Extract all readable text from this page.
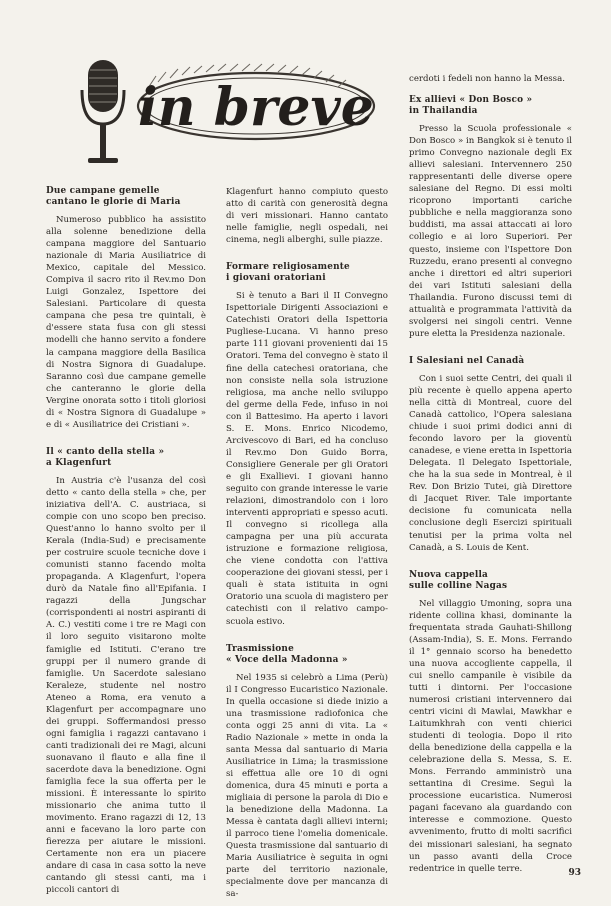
in breve
Due campane gemelle
cantano le glorie di Maria

Numeroso pubblico ha assistito alla solenne benedizione della campana maggiore del Santuario nazionale di Maria Ausiliatrice di Mexico, capitale del Messico. Compiva il sacro rito il Rev.mo Don Luigi Gonzalez, Ispettore dei Salesiani. Particolare di questa campana che pesa tre quintali, è d'essere stata fusa con gli stessi modelli che hanno servito a fondere la campana maggiore della Basilica di Nostra Signora di Guadalupe. Saranno così due campane gemelle che canteranno le glorie della Vergine onorata sotto i titoli gloriosi di « Nostra Signora di Guadalupe » e di « Ausiliatrice dei Cristiani ».

Il « canto della stella »
a Klagenfurt

In Austria c'è l'usanza del così detto « canto della stella » che, per iniziativa dell'A. C. austriaca, si compie con uno scopo ben preciso. Quest'anno lo hanno svolto per il Kerala (India-Sud) e precisamente per costruire scuole tecniche dove i comunisti stanno facendo molta propaganda. A Klagenfurt, l'opera durò da Natale fino all'Epifania. I ragazzi della Jungschar (corrispondenti ai nostri aspiranti di A. C.) vestiti come i tre re Magi con il loro seguito visitarono molte famiglie ed Istituti. C'erano tre gruppi per il numero grande di famiglie. Un Sacerdote salesiano Keraleze, studente nel nostro Ateneo a Roma, era venuto a Klagenfurt per accompagnare uno dei gruppi. Soffermandosi presso ogni famiglia i ragazzi cantavano i canti tradizionali dei re Magi, alcuni suonavano il flauto e alla fine il sacerdote dava la benedizione. Ogni famiglia fece la sua offerta per le missioni. È interessante lo spirito missionario che anima tutto il movimento. Erano ragazzi di 12, 13 anni e facevano la loro parte con fierezza per aiutare le missioni. Certamente non era un piacere andare di casa in casa sotto la neve cantando gli stessi canti, ma i piccoli cantori di

Klagenfurt hanno compiuto questo atto di carità con generosità degna di veri missionari. Hanno cantato nelle famiglie, negli ospedali, nei cinema, negli alberghi, sulle piazze.

Formare religiosamente
i giovani oratoriani

Si è tenuto a Bari il II Convegno Ispettoriale Dirigenti Associazioni e Catechisti Oratori della Ispettoria Pugliese-Lucana. Vi hanno preso parte 111 giovani provenienti dai 15 Oratori. Tema del convegno è stato il fine della catechesi oratoriana, che non consiste nella sola istruzione religiosa, ma anche nello sviluppo del germe della Fede, infuso in noi con il Battesimo. Ha aperto i lavori S. E. Mons. Enrico Nicodemo, Arcivescovo di Bari, ed ha concluso il Rev.mo Don Guido Borra, Consigliere Generale per gli Oratori e gli Exallievi. I giovani hanno seguito con grande interesse le varie relazioni, dimostrandolo con i loro interventi appropriati e spesso acuti. Il convegno si ricollega alla campagna per una più accurata istruzione e formazione religiosa, che viene condotta con l'attiva cooperazione dei giovani stessi, per i quali è stata istituita in ogni Oratorio una scuola di magistero per catechisti con il relativo campo-scuola estivo.

Trasmissione
« Voce della Madonna »

Nel 1935 si celebrò a Lima (Perù) il I Congresso Eucaristico Nazionale. In quella occasione si diede inizio a una trasmissione radiofonica che conta oggi 25 anni di vita. La « Radio Nazionale » mette in onda la santa Messa dal santuario di Maria Ausiliatrice in Lima; la trasmissione si effettua alle ore 10 di ogni domenica, dura 45 minuti e porta a migliaia di persone la parola di Dio e la benedizione della Madonna. La Messa è cantata dagli allievi interni; il parroco tiene l'omelia domenicale. Questa trasmissione dal santuario di Maria Ausiliatrice è seguita in ogni parte del territorio nazionale, specialmente dove per mancanza di sa-

cerdoti i fedeli non hanno la Messa.

Ex allievi « Don Bosco »
in Thailandia

Presso la Scuola professionale « Don Bosco » in Bangkok si è tenuto il primo Convegno nazionale degli Ex allievi salesiani. Intervennero 250 rappresentanti delle diverse opere salesiane del Regno. Di essi molti ricoprono importanti cariche pubbliche e nella maggioranza sono buddisti, ma assai attaccati ai loro collegio e ai loro Superiori. Per questo, insieme con l'Ispettore Don Ruzzedu, erano presenti al convegno anche i direttori ed altri superiori dei vari Istituti salesiani della Thailandia. Furono discussi temi di attualità e programmata l'attività da svolgersi nei singoli centri. Venne pure eletta la Presidenza nazionale.

I Salesiani nel Canadà

Con i suoi sette Centri, dei quali il più recente è quello appena aperto nella città di Montreal, cuore del Canadà cattolico, l'Opera salesiana chiude i suoi primi dodici anni di fecondo lavoro per la gioventù canadese, e viene eretta in Ispettoria Delegata. Il Delegato Ispettoriale, che ha la sua sede in Montreal, è il Rev. Don Brizio Tutei, già Direttore di Jacquet River. Tale importante decisione fu comunicata nella conclusione degli Esercizi spirituali tenutisi per la prima volta nel Canadà, a S. Louis de Kent.

Nuova cappella
sulle colline Nagas

Nel villaggio Umoning, sopra una ridente collina khasi, dominante la frequentata strada Gauhati-Shillong (Assam-India), S. E. Mons. Ferrando il 1° gennaio scorso ha benedetto una nuova accogliente cappella, il cui snello campanile è visibile da tutti i dintorni. Per l'occasione numerosi cristiani intervennero dai centri vicini di Mawlai, Mawkhar e Laitumkhrah con venti chierici studenti di teologia. Dopo il rito della benedizione della cappella e la celebrazione della S. Messa, S. E. Mons. Ferrando amministrò una settantina di Cresime. Seguì la processione eucaristica. Numerosi pagani facevano ala guardando con interesse e commozione. Questo avvenimento, frutto di molti sacrifici dei missionari salesiani, ha segnato un passo avanti della Croce redentrice in quelle terre.	93
